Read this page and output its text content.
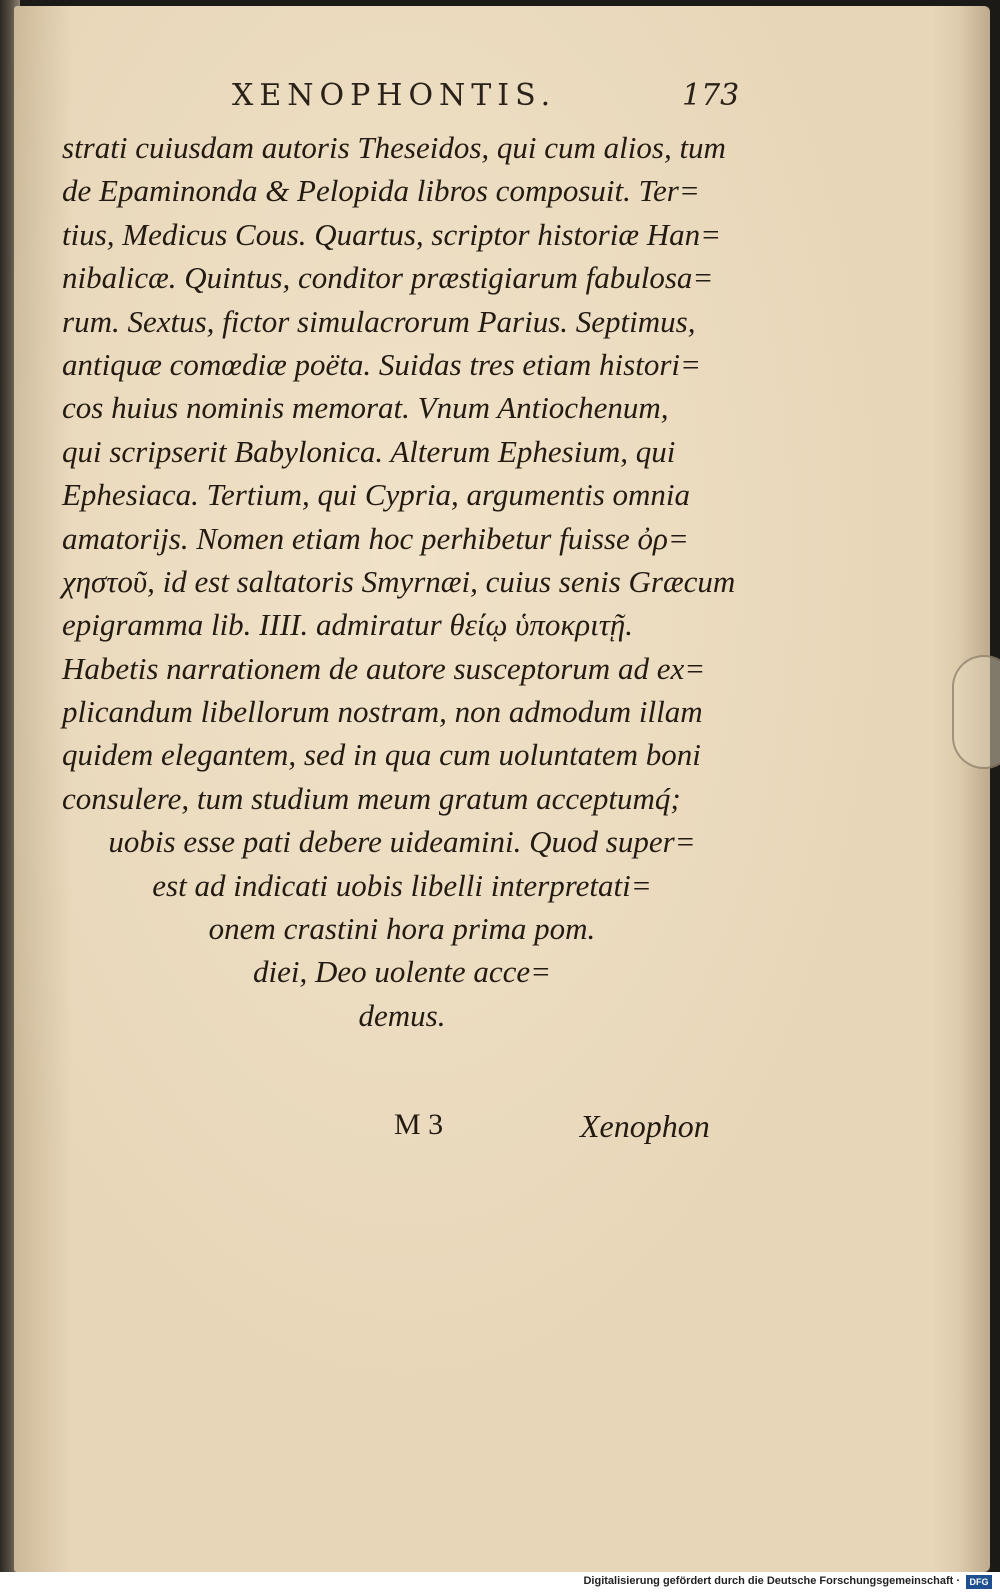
XENOPHONTIS.	173
strati cuiusdam autoris Theseidos, qui cum alios, tum
de Epaminonda & Pelopida libros composuit. Ter=
tius, Medicus Cous. Quartus, scriptor historiæ Han=
nibalicæ. Quintus, conditor præstigiarum fabulosa=
rum. Sextus, fictor simulacrorum Parius. Septimus,
antiquæ comœdiæ poëta. Suidas tres etiam histori=
cos huius nominis memorat. Vnum Antiochenum,
qui scripserit Babylonica. Alterum Ephesium, qui
Ephesiaca. Tertium, qui Cypria, argumentis omnia
amatorijs. Nomen etiam hoc perhibetur fuisse ὀρ=
χηστοῦ, id est saltatoris Smyrnæi, cuius senis Græcum
epigramma lib. IIII. admiratur θείῳ ὑποκριτῇ.
Habetis narrationem de autore susceptorum ad ex=
plicandum libellorum nostram, non admodum illam
quidem elegantem, sed in qua cum uoluntatem boni
consulere, tum studium meum gratum acceptumq́;
uobis esse pati debere uideamini. Quod super=
est ad indicati uobis libelli interpretati=
onem crastini hora prima pom.
diei, Deo uolente acce=
demus.
M 3	Xenophon
Digitalisierung gefördert durch die Deutsche Forschungsgemeinschaft ·	DFG
